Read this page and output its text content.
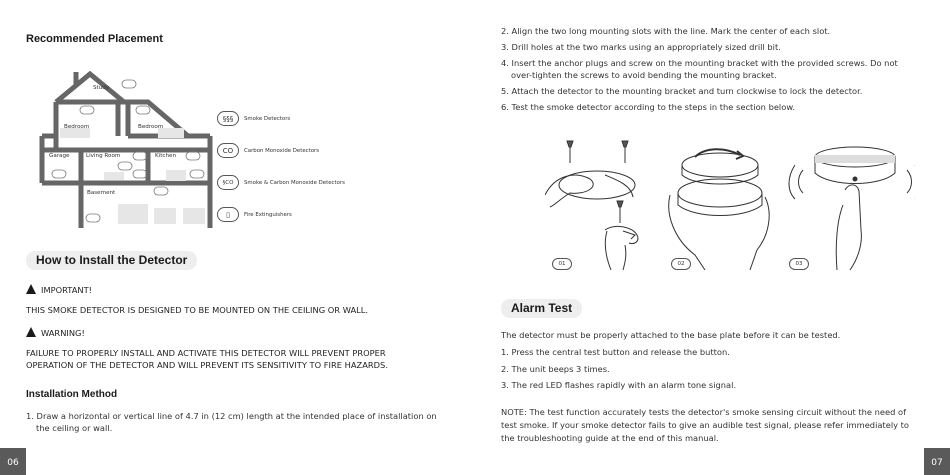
Recommended Placement
Study
Bedroom	Bedroom
Garage	Living Room	Kitchen
Basement
§§§	Smoke Detectors
CO	Carbon Monoxide Detectors
§CO	Smoke & Carbon Monoxide Detectors
▯	Fire Extinguishers
How to Install the Detector
IMPORTANT!
THIS SMOKE DETECTOR IS DESIGNED TO BE MOUNTED ON THE CEILING OR WALL.
WARNING!
FAILURE TO PROPERLY INSTALL AND ACTIVATE THIS DETECTOR WILL PREVENT PROPER
OPERATION OF THE DETECTOR AND WILL PREVENT ITS SENSITIVITY TO FIRE HAZARDS.
Installation Method
1. Draw a horizontal or vertical line of 4.7 in (12 cm) length at the intended place of installation on
the ceiling or wall.
06
2. Align the two long mounting slots with the line. Mark the center of each slot.
3. Drill holes at the two marks using an appropriately sized drill bit.
4. Insert the anchor plugs and screw on the mounting bracket with the provided screws. Do not
over-tighten the screws to avoid bending the mounting bracket.
5. Attach the detector to the mounting bracket and turn clockwise to lock the detector.
6. Test the smoke detector according to the steps in the section below.
01	02	03
Alarm Test
The detector must be properly attached to the base plate before it can be tested.
1. Press the central test button and release the button.
2. The unit beeps 3 times.
3. The red LED flashes rapidly with an alarm tone signal.
NOTE: The test function accurately tests the detector's smoke sensing circuit without the need of
test smoke. If your smoke detector fails to give an audible test signal, please refer immediately to
the troubleshooting guide at the end of this manual.
07
